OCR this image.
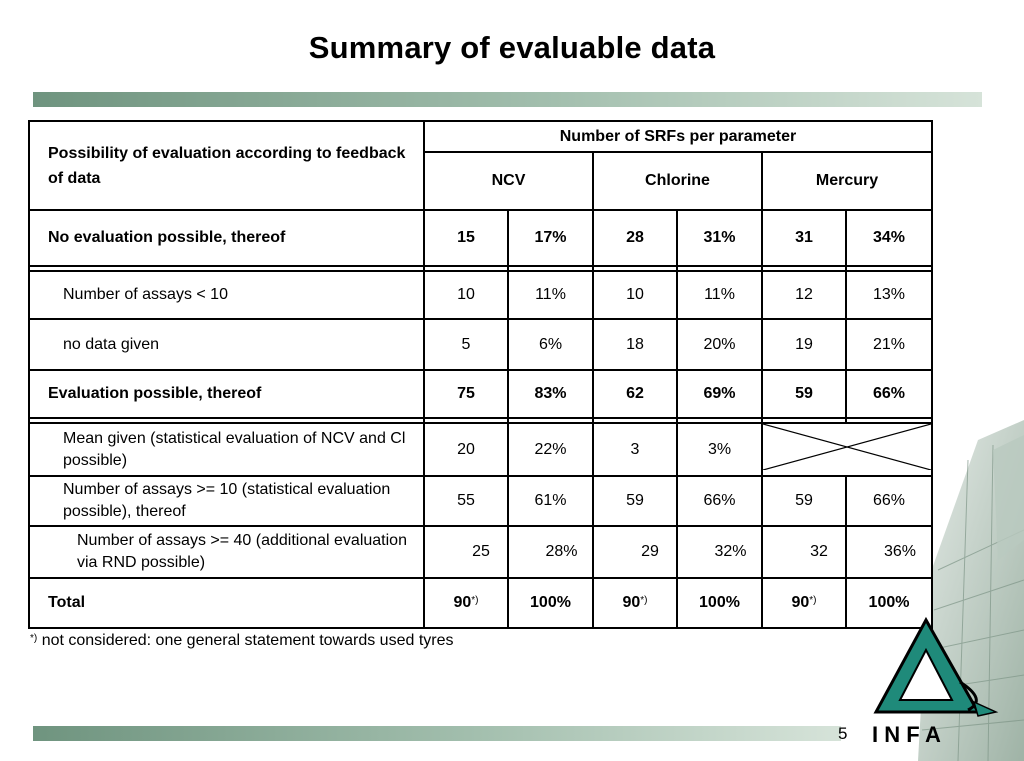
Summary of evaluable data
Possibility of evaluation according to feedback of data	Number of SRFs per parameter					
	NCV		Chlorine		Mercury	
No evaluation possible, thereof	15	17%	28	31%	31	34%

Number of assays < 10	10	11%	10	11%	12	13%
no data given	5	6%	18	20%	19	21%
Evaluation possible, thereof	75	83%	62	69%	59	66%

Mean given (statistical evaluation of NCV and Cl possible)	20	22%	3	3%	
Number of assays >= 10 (statistical evaluation possible), thereof	55	61%	59	66%	59	66%
Number of assays >= 40 (additional evaluation via RND possible)	25	28%	29	32%	32	36%
Total	90*)	100%	90*)	100%	90*)	100%
*) not considered: one general statement towards used tyres
5 I N F A
